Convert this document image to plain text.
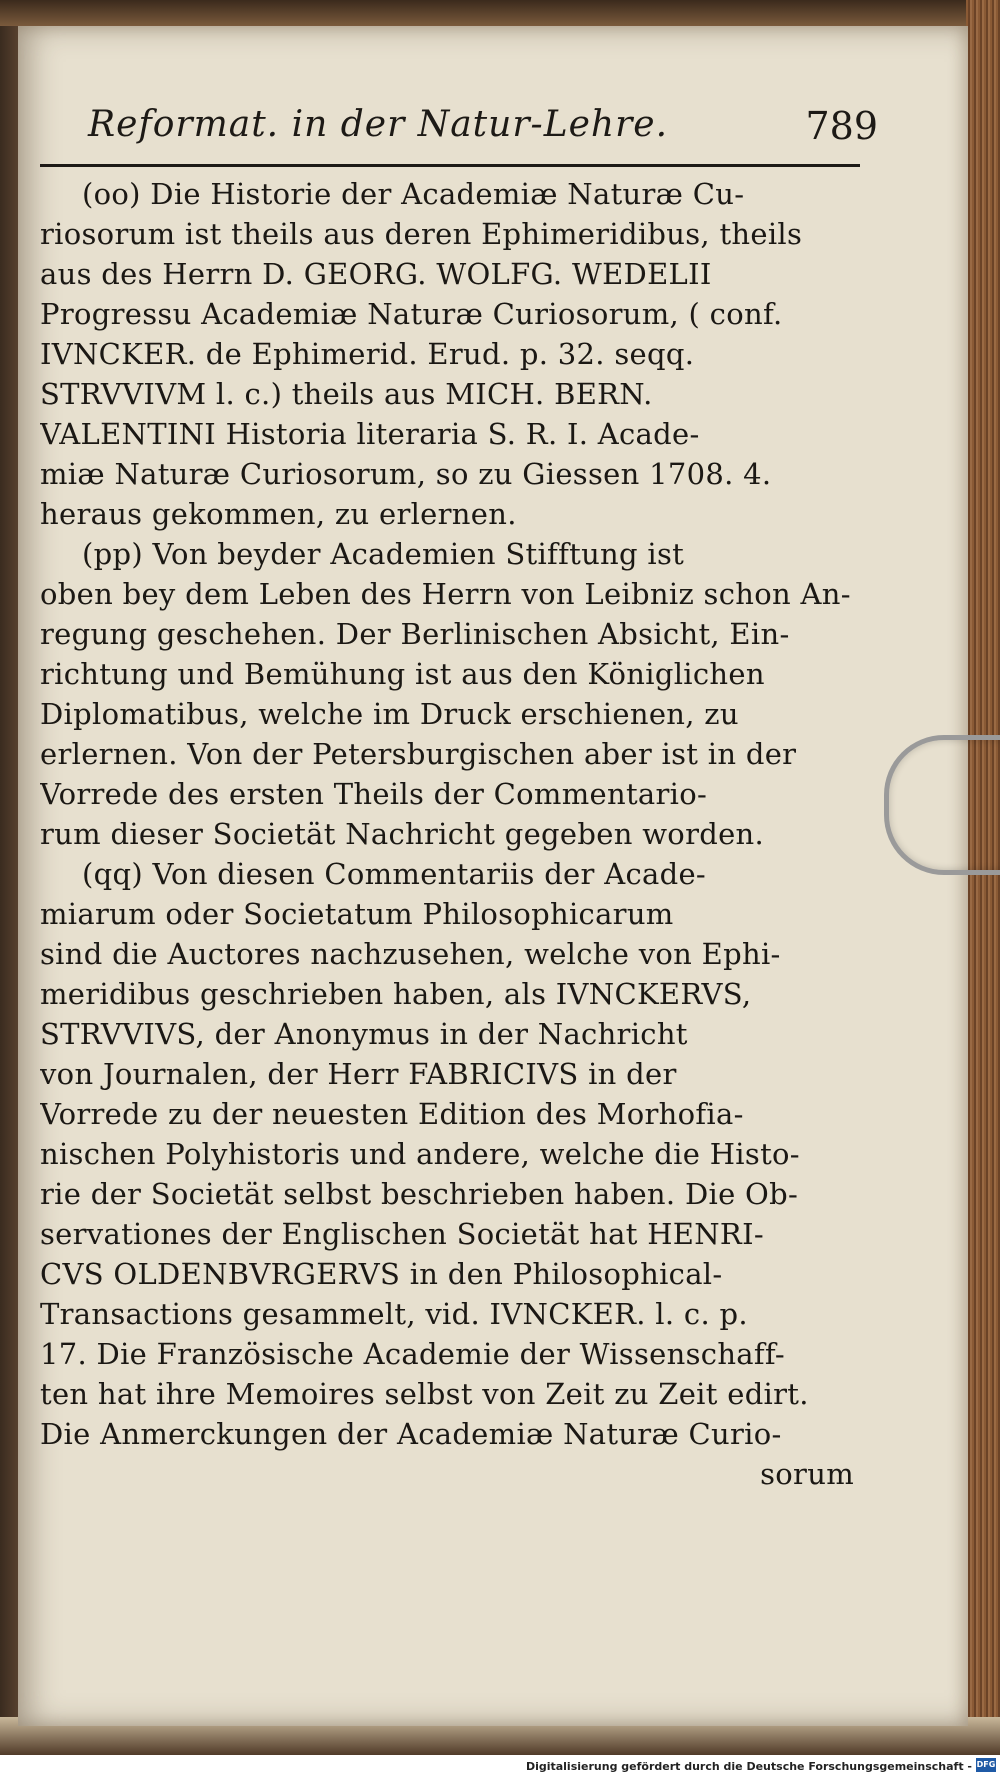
Reformat. in der Natur-Lehre.	789
(oo) Die Historie der Academiæ Naturæ Cu-
riosorum ist theils aus deren Ephimeridibus, theils
aus des Herrn D. GEORG. WOLFG. WEDELII
Progressu Academiæ Naturæ Curiosorum, ( conf.
IVNCKER. de Ephimerid. Erud. p. 32. seqq.
STRVVIVM l. c.) theils aus MICH. BERN.
VALENTINI Historia literaria S. R. I. Acade-
miæ Naturæ Curiosorum, so zu Giessen 1708. 4.
heraus gekommen, zu erlernen.
(pp) Von beyder Academien Stifftung ist
oben bey dem Leben des Herrn von Leibniz schon An-
regung geschehen. Der Berlinischen Absicht, Ein-
richtung und Bemühung ist aus den Königlichen
Diplomatibus, welche im Druck erschienen, zu
erlernen. Von der Petersburgischen aber ist in der
Vorrede des ersten Theils der Commentario-
rum dieser Societät Nachricht gegeben worden.
(qq) Von diesen Commentariis der Acade-
miarum oder Societatum Philosophicarum
sind die Auctores nachzusehen, welche von Ephi-
meridibus geschrieben haben, als IVNCKERVS,
STRVVIVS, der Anonymus in der Nachricht
von Journalen, der Herr FABRICIVS in der
Vorrede zu der neuesten Edition des Morhofia-
nischen Polyhistoris und andere, welche die Histo-
rie der Societät selbst beschrieben haben. Die Ob-
servationes der Englischen Societät hat HENRI-
CVS OLDENBVRGERVS in den Philosophical-
Transactions gesammelt, vid. IVNCKER. l. c. p.
17. Die Französische Academie der Wissenschaff-
ten hat ihre Memoires selbst von Zeit zu Zeit edirt.
Die Anmerckungen der Academiæ Naturæ Curio-
sorum
Digitalisierung gefördert durch die Deutsche Forschungsgemeinschaft - DFG
